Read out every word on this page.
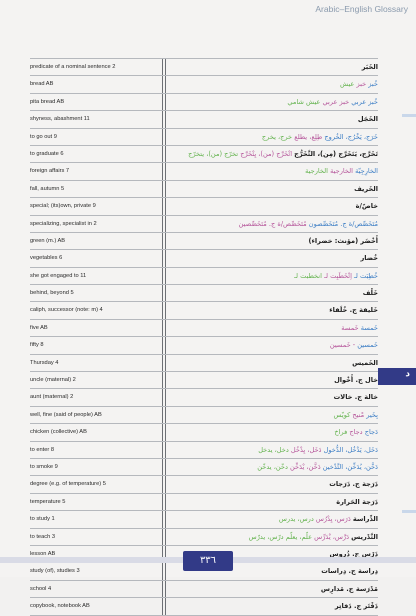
Arabic–English Glossary
predicate of a nominal sentence 2	الخَبَر
bread AB	خُبز خبز عيش
pita bread AB	خُبز عربي خبز عربي عيش شامي
shyness, abashment 11	الخَجَل
to go out 9	خَرَج، يَخْرُج، الخُروج طِلِع، يطلع خرج، يخرج
to graduate 6	تَخَرَّج، يَتَخَرَّج (مِن)، التَّخَرُّج اتْخَرَّج (من)، يِتْخَرَّج تخرّج (من)، يتخرّج
foreign affairs 7	الخارِجِيّة الخارجية الخارجية
fall, autumn 5	الخَريف
special; (its)own, private 9	خاصّ/ة
specializing, specialist in 2	مُتَخَصِّص/ة ج. مُتَخَصِّصون مُتَخَصِّص/ة ج. مُتَخَصِّصين
green (m.) AB	أَخْضَر (مؤنث: خضراء)
vegetables 6	خُضار
she got engaged to 11	خُطِبَت لـ اِتْخَطَبِت لـ انخطبت لـ
behind, beyond 5	خَلْف
caliph, successor (note: m) 4	خَليفة ج. خُلَفاء
five AB	خَمسة خَمسة
fifty 8	خَمسين - خَمسين
Thursday 4	الخَميس
uncle (maternal) 2	خال ج. أَخْوال
aunt (maternal) 2	خالة ج. خالات
well, fine (said of people) AB	بِخَير مْنيح كويّس
chicken (collective) AB	دَجاج دجاج فراخ
to enter 8	دَخَل، يَدْخُل، الدُّخول دَخَل، يِدْخُل دخل، يدخل
to smoke 9	دَخَّن، يُدَخِّن، التَّدْخين دَخَّن، يْدَخِّن دخّن، يدخّن
degree (e.g. of temperature) 5	دَرَجة ج. دَرَجات
temperature 5	دَرَجة الحَرارة
to study 1	الدِّراسة دَرَس، يِدْرُس درس، يدرس
to teach 3	التَّدْريس دَرَّس، يْدَرِّس علّم، يعلّم درّس، يدرّس
lesson AB	دَرْس ج. دُروس
study (of), studies 3	دِراسة ج. دِراسات
school 4	مَدْرَسة ج. مَدارِس
copybook, notebook AB	دَفْتَر ج. دَفاتِر
د
٣٣٦
